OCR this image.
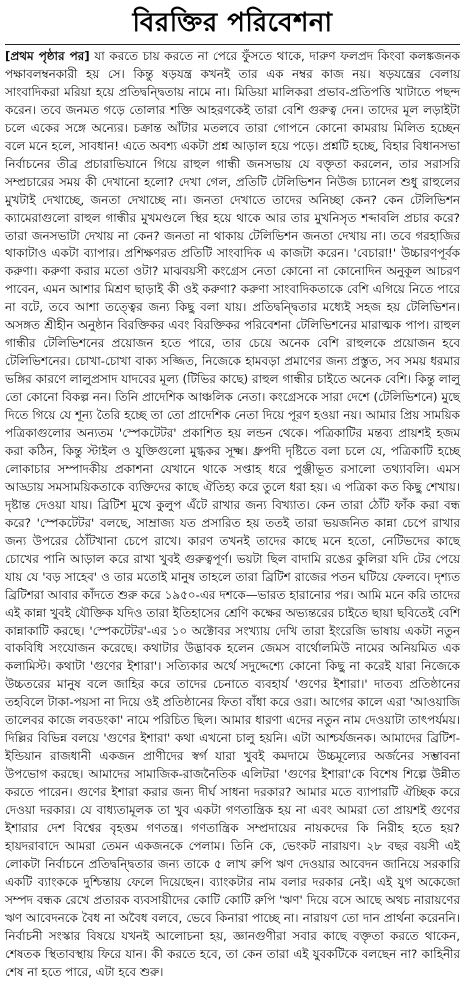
বিরক্তির পরিবেশনা

[প্রথম পৃষ্ঠার পর] যা করতে চায় করতে না পেরে ফুঁসতে থাকে, দারুণ ফলপ্রদ কিংবা কলঙ্কজনক পক্ষাবলম্বনকারী হয় সে। কিন্তু ষড়যন্ত্র কখনই তার এক নম্বর কাজ নয়। ষড়যন্ত্রের বেলায় সাংবাদিকরা মরিয়া হয়ে প্রতিদ্বন্দ্বিতায় নামে না। মিডিয়া মালিকরা প্রভাব-প্রতিপত্তি খাটাতে পছন্দ করেন। তবে জনমত গড়ে তোলার শক্তি আহরণকেই তারা বেশি গুরুত্ব দেন। তাদের মূল লড়াইটা চলে একের সঙ্গে অন্যের। চক্রান্ত আঁটার মতলবে তারা গোপনে কোনো কামরায় মিলিত হচ্ছেন বলে মনে হলে, সাবধান! এতে অবশ্য একটা প্রশ্ন আড়াল হয়ে পড়ে। প্রশ্নটি হচ্ছে, বিহার বিধানসভা নির্বাচনের তীব্র প্রচারাভিযানে গিয়ে রাহুল গান্ধী জনসভায় যে বক্তৃতা করলেন, তার সরাসরি সম্প্রচারের সময় কী দেখানো হলো? দেখা গেল, প্রতিটি টেলিভিশন নিউজ চ্যানেল শুধু রাহুলের মুখটাই দেখাচ্ছে, জনতা দেখাচ্ছে না। জনতা দেখাতে তাদের অনিচ্ছা কেন? কেন টেলিভিশন ক্যামেরাগুলো রাহুল গান্ধীর মুখমণ্ডলে স্থির হয়ে থাকে আর তার মুখনিসৃত শব্দাবলি প্রচার করে? তারা জনসভাটা দেখায় না কেন? জনতা না থাকায় টেলিভিশন জনতা দেখায় না। তবে গরহাজির থাকাটাও একটা ব্যাপার। প্রশিক্ষণরত প্রতিটি সাংবাদিক এ কাজটা করেন। 'বেচারা!' উচ্চারণপূর্বক করুণা। করুণা করার মতো ওটা? মাঝবয়সী কংগ্রেস নেতা কোনো না কোনোদিন অনুকূল আচরণ পাবেন, এমন আশার মিশ্রণ ছাড়াই কী ওই করুণা? করুণা সাংবাদিকতাকে বেশি এগিয়ে নিতে পারে না বটে, তবে আশা তত্ত্বের জন্য কিছু বলা যায়। প্রতিদ্বন্দ্বিতার মধ্যেই সহজ হয় টেলিভিশন। অসঙ্গত শ্রীহীন অনুষ্ঠান বিরক্তিকর এবং বিরক্তিকর পরিবেশনা টেলিভিশনের মারাত্মক পাপ। রাহুল গান্ধীর টেলিভিশনের প্রয়োজন হতে পারে, তার চেয়ে অনেক বেশি রাহুলকে প্রয়োজন হবে টেলিভিশনের। চোখা-চোখা বাক্য সজ্জিত, নিজেকে হামবড়া প্রমাণের জন্য প্রস্তুত, সব সময় ধরমার ভঙ্গির কারণে লালুপ্রসাদ যাদবের মূল্য (টিভির কাছে) রাহুল গান্ধীর চাইতে অনেক বেশি। কিন্তু লালু তো কোনো বিকল্প নন। তিনি প্রাদেশিক আঞ্চলিক নেতা। কংগ্রেসকে সারা দেশে (টেলিভিশনে) মুছে দিতে গিয়ে যে শূন্য তৈরি হচ্ছে তা তো প্রাদেশিক নেতা দিয়ে পূরণ হওয়া নয়। আমার প্রিয় সাময়িক পত্রিকাগুলোর অন্যতম 'স্পেকটেটর' প্রকাশিত হয় লন্ডন থেকে। পত্রিকাটির মন্তব্য প্রায়শই হজম করা কঠিন, কিন্তু স্টাইল ও যুক্তিগুলো মুগ্ধকর সূক্ষ্ম। ধ্রুপদী দৃষ্টিতে বলা চলে যে, পত্রিকাটি হচ্ছে লোকাচার সম্পাদকীয় প্রকাশনা যেখানে থাকে সপ্তাহ ধরে পুঞ্জীভূত রসালো তথ্যাবলি। এমস আড্ডায় সমসাময়িকতাকে ব্যক্তিদের কাছে ঐতিহ্য করে তুলে ধরা হয়। এ পত্রিকা কত কিছু শেখায়। দৃষ্টান্ত দেওয়া যায়। ব্রিটিশ মুখে কুলুপ এঁটে রাখার জন্য বিখ্যাত। কেন তারা ঠোঁট ফাঁক করা বন্ধ করে? 'স্পেকটেটর' বলছে, সাম্রাজ্য যত প্রসারিত হয় ততই তারা ভয়জনিত কান্না চেপে রাখার জন্য উপরের ঠোঁটখানা চেপে রাখে। কারণ তখনই তাদের কাছে মনে হতো, নেটিভদের কাছে চোখের পানি আড়াল করে রাখা খুবই গুরুত্বপূর্ণ। ভয়টা ছিল বাদামি রঙের কুলিরা যদি টের পেয়ে যায় যে 'বড় সাহেব' ও তার মতোই মানুষ তাহলে তারা ব্রিটিশ রাজের পতন ঘটিয়ে ফেলবে। দৃশ্যত ব্রিটিশরা আবার কাঁদতে শুরু করে ১৯৫০-এর দশকে—ভারত হারানোর পর। আমি মনে করি তাদের এই কান্না খুবই যৌক্তিক যদিও তারা ইতিহাসের শ্রেণি কক্ষের অভ্যন্তরের চাইতে ছায়া ছবিতেই বেশি কান্নাকাটি করছে। 'স্পেকটেটর'-এর ১০ অক্টোবর সংখ্যায় দেখি তারা ইংরেজি ভাষায় একটা নতুন বাকবিধি সংযোজন করেছে। কথাটার উদ্ভাবক হলেন জেমস বার্থোলমিউ নামের অনিয়মিত এক কলামিস্ট। কথাটা 'গুণের ইশারা'। সত্যিকার অর্থে সদুদ্দেশ্যে কোনো কিছু না করেই যারা নিজেকে উচ্চতরের মানুষ বলে জাহির করে তাদের চেনাতে ব্যবহার্য 'গুণের ইশারা।' দাতব্য প্রতিষ্ঠানের তহবিলে টাকা-পয়সা না দিয়ে ওই প্রতিষ্ঠানের ফিতা বাঁধা করে ওরা। আগের কালে এরা 'আওয়াজি তালেবর কাজে লবডংকা' নামে পরিচিত ছিল। আমার ধারণা এদের নতুন নাম দেওয়াটা তাৎপর্যময়। দিল্লির বিভিন্ন বলয়ে 'গুণের ইশারা' কথা এখনো চালু হয়নি। এটা আশ্চর্যজনক। আমাদের ব্রিটিশ-ইন্ডিয়ান রাজধানী একজন প্রাণীদের স্বর্গ যারা খুবই কমদামে উচ্চমূল্যের অর্জনের সম্ভাবনা উপভোগ করছে। আমাদের সামাজিক-রাজনৈতিক এলিটরা 'গুণের ইশারা'কে বিশেষ শিল্পে উন্নীত করতে পারেন। গুণের ইশারা করার জন্য দীর্ঘ সাধনা দরকার? আমার মতে ব্যাপারটি ঐচ্ছিক করে দেওয়া দরকার। যে বাধ্যতামূলক তা খুব একটা গণতান্ত্রিক হয় না এবং আমরা তো প্রায়শই গুণের ইশারার দেশ বিশ্বের বৃহত্তম গণতন্ত্র। গণতান্ত্রিক সম্প্রদায়ের নায়কদের কি নিরীহ হতে হয়? হায়দরাবাদে আমরা তেমন একজনকে পেলাম। তিনি কে, ভেংকট নারায়ণ। ২৮ বছর বয়সী এই লোকটা নির্বাচনে প্রতিদ্বন্দ্বিতার জন্য তাকে ৫ লাখ রুপি ঋণ দেওয়ার আবেদন জানিয়ে সরকারি একটি ব্যাংককে দুশ্চিন্তায় ফেলে দিয়েছেন। ব্যাংকটার নাম বলার দরকার নেই। এই যুগ অকেজো সম্পদ বন্ধক রেখে প্রতারক ব্যবসায়ীদের কোটি কোটি রুপি 'ঋণ' দিয়ে বসে আছে অথচ নারায়ণের ঋণ আবেদনকে বৈধ না অবৈধ বলবে, ভেবে কিনারা পাচ্ছে না। নারায়ণ তো দান প্রার্থনা করেননি। নির্বাচনী সংস্কার বিষয়ে যখনই আলোচনা হয়, জ্ঞানগুণীরা সবার কাছে বক্তৃতা করতে থাকেন, শেষতক স্থিতাবস্থায় ফিরে যান। কী করতে হবে, তা কেন তারা এই যুবকটিকে বলছেন না? কাহিনীর শেষ না হতে পারে, এটা হবে শুরু।
